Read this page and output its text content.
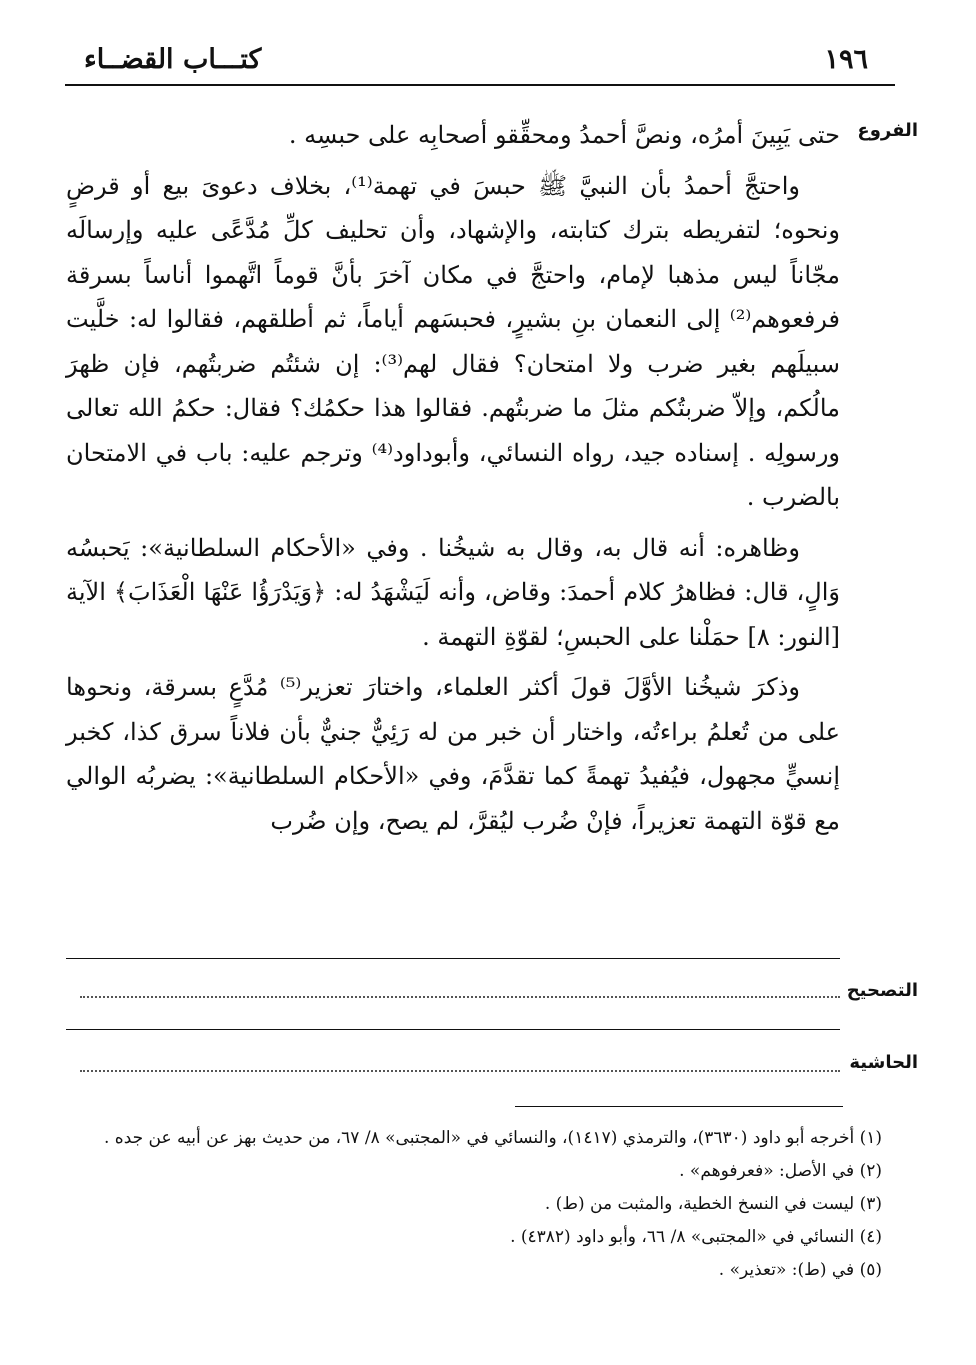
١٩٦
كتـــاب القضــاء
الفروع

حتى يَبِينَ أمرُه، ونصَّ أحمدُ ومحقِّقو أصحابِه على حبسِه .

واحتجَّ أحمدُ بأن النبيَّ ﷺ حبسَ في تهمة⁽¹⁾، بخلاف دعوىَ بيع أو قرضٍ ونحوه؛ لتفريطه بترك كتابته، والإشهاد، وأن تحليف كلِّ مُدَّعًى عليه وإرسالَه مجّاناً ليس مذهبا لإمام، واحتجَّ في مكان آخرَ بأنَّ قوماً اتَّهموا أناساً بسرقة فرفعوهم⁽²⁾ إلى النعمان بنِ بشيرٍ، فحبسَهم أياماً، ثم أطلقهم، فقالوا له: خلَّيت سبيلَهم بغير ضرب ولا امتحان؟ فقال لهم⁽³⁾: إن شئتُم ضربتُهم، فإن ظهرَ مالُكم، وإلاّ ضربتُكم مثلَ ما ضربتُهم. فقالوا هذا حكمُك؟ فقال: حكمُ الله تعالى ورسولِه . إسناده جيد، رواه النسائي، وأبوداود⁽⁴⁾ وترجم عليه: باب في الامتحان بالضرب .

وظاهره: أنه قال به، وقال به شيخُنا . وفي «الأحكام السلطانية»: يَحبسُه وَالٍ، قال: فظاهرُ كلام أحمدَ: وقاض، وأنه لَيَشْهَدُ له: ﴿وَيَدْرَؤُا عَنْهَا الْعَذَابَ﴾ الآية [النور: ٨] حمَلْنا على الحبسِ؛ لقوّةِ التهمة .

وذكرَ شيخُنا الأوَّلَ قولَ أكثر العلماء، واختارَ تعزير⁽⁵⁾ مُدَّعٍ بسرقة، ونحوها على من تُعلمُ براءتُه، واختار أن خبر من له رَئِيٌّ جنيٌّ بأن فلاناً سرق كذا، كخبر إنسيٍّ مجهول، فيُفيدُ تهمةً كما تقدَّمَ، وفي «الأحكام السلطانية»: يضربُه الوالي مع قوّة التهمة تعزيراً، فإنْ ضُرب ليُقرَّ، لم يصح، وإن ضُرب

التصحيح
الحاشية
(١) أخرجه أبو داود (٣٦٣٠)، والترمذي (١٤١٧)، والنسائي في «المجتبى» ٨/ ٦٧، من حديث بهز عن أبيه عن جده .
(٢) في الأصل: «فعرفوهم» .
(٣) ليست في النسخ الخطية، والمثبت من (ط) .
(٤) النسائي في «المجتبى» ٨/ ٦٦، وأبو داود (٤٣٨٢) .
(٥) في (ط): «تعذير» .
